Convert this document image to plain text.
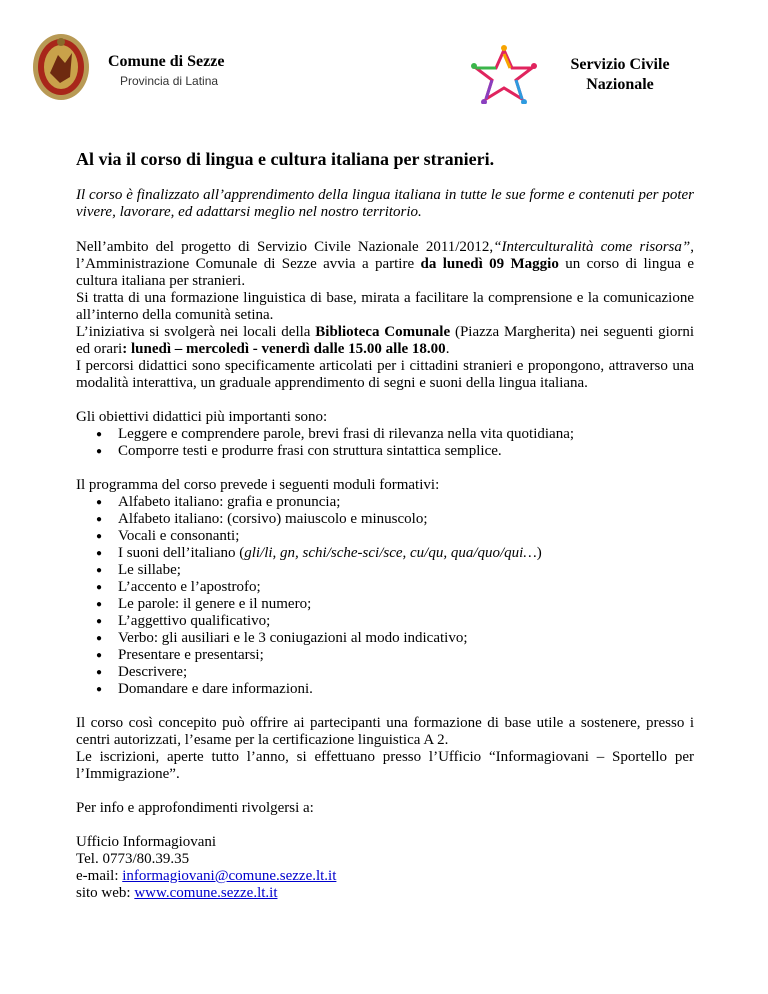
Comune di Sezze
Provincia di Latina
Servizio Civile
Nazionale
Al via il corso di lingua e cultura italiana per stranieri.

Il corso è finalizzato all’apprendimento della lingua italiana in tutte le sue forme e contenuti per poter vivere, lavorare, ed adattarsi meglio nel nostro territorio.

Nell’ambito del progetto di Servizio Civile Nazionale 2011/2012,“Interculturalità come risorsa”, l’Amministrazione Comunale di Sezze avvia a partire da lunedì 09 Maggio un corso di lingua e cultura italiana per stranieri.

Si tratta di una formazione linguistica di base, mirata a facilitare la comprensione e la comunicazione all’interno della comunità setina.

L’iniziativa si svolgerà nei locali della Biblioteca Comunale (Piazza Margherita) nei seguenti giorni ed orari: lunedì – mercoledì - venerdì dalle 15.00 alle 18.00.

I percorsi didattici sono specificamente articolati per i cittadini stranieri e propongono, attraverso una modalità interattiva, un graduale apprendimento di segni e suoni della lingua italiana.

Gli obiettivi didattici più importanti sono:

● Leggere e comprendere parole, brevi frasi di rilevanza nella vita quotidiana;
● Comporre testi e produrre frasi con struttura sintattica semplice.

Il programma del corso prevede i seguenti moduli formativi:

● Alfabeto italiano: grafia e pronuncia;
● Alfabeto italiano: (corsivo) maiuscolo e minuscolo;
● Vocali e consonanti;
● I suoni dell’italiano (gli/li, gn, schi/sche-sci/sce, cu/qu, qua/quo/qui…)
● Le sillabe;
● L’accento e l’apostrofo;
● Le parole: il genere e il numero;
● L’aggettivo qualificativo;
● Verbo: gli ausiliari e le 3 coniugazioni al modo indicativo;
● Presentare e presentarsi;
● Descrivere;
● Domandare e dare informazioni.

Il corso così concepito può offrire ai partecipanti una formazione di base utile a sostenere, presso i centri autorizzati, l’esame per la certificazione linguistica A 2.

Le iscrizioni, aperte tutto l’anno, si effettuano presso l’Ufficio “Informagiovani – Sportello per l’Immigrazione”.

Per info e approfondimenti rivolgersi a:

Ufficio Informagiovani

Tel. 0773/80.39.35

e-mail: informagiovani@comune.sezze.lt.it

sito web: www.comune.sezze.lt.it
